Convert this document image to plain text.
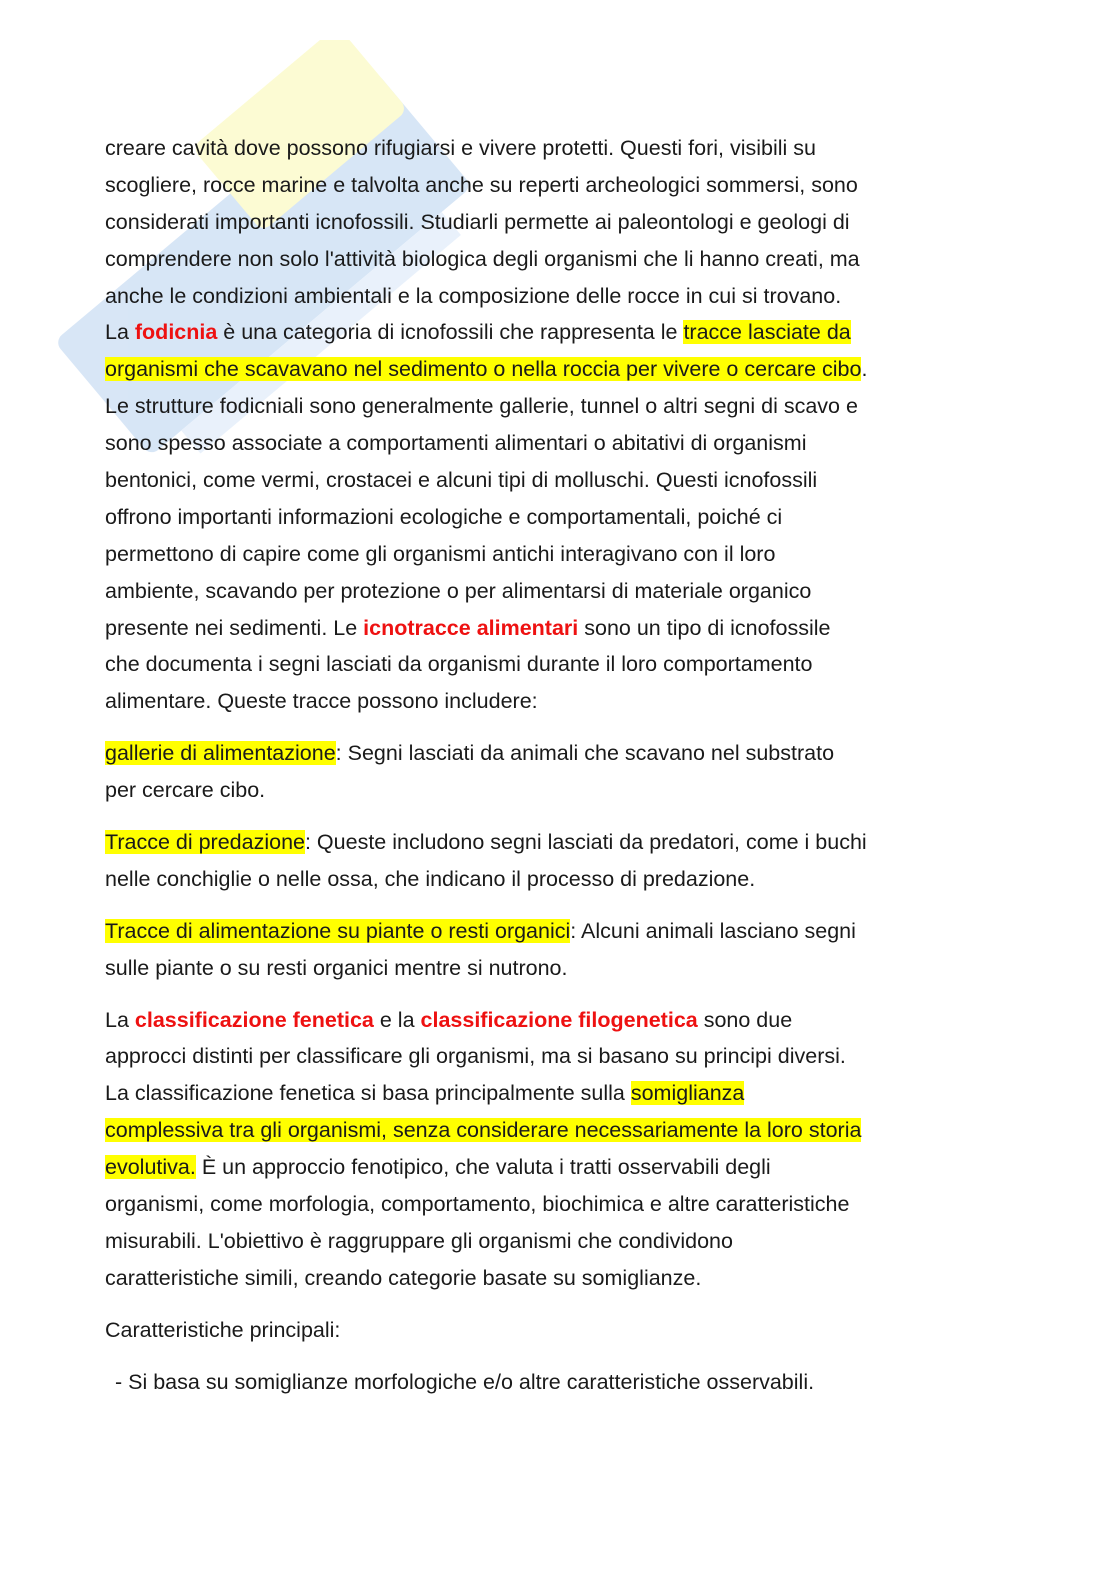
creare cavità dove possono rifugiarsi e vivere protetti. Questi fori, visibili su
scogliere, rocce marine e talvolta anche su reperti archeologici sommersi, sono
considerati importanti icnofossili. Studiarli permette ai paleontologi e geologi di
comprendere non solo l'attività biologica degli organismi che li hanno creati, ma
anche le condizioni ambientali e la composizione delle rocce in cui si trovano.
La fodicnia è una categoria di icnofossili che rappresenta le tracce lasciate da
organismi che scavavano nel sedimento o nella roccia per vivere o cercare cibo.
Le strutture fodicniali sono generalmente gallerie, tunnel o altri segni di scavo e
sono spesso associate a comportamenti alimentari o abitativi di organismi
bentonici, come vermi, crostacei e alcuni tipi di molluschi. Questi icnofossili
offrono importanti informazioni ecologiche e comportamentali, poiché ci
permettono di capire come gli organismi antichi interagivano con il loro
ambiente, scavando per protezione o per alimentarsi di materiale organico
presente nei sedimenti. Le icnotracce alimentari sono un tipo di icnofossile
che documenta i segni lasciati da organismi durante il loro comportamento
alimentare. Queste tracce possono includere:
gallerie di alimentazione: Segni lasciati da animali che scavano nel substrato
per cercare cibo.
Tracce di predazione: Queste includono segni lasciati da predatori, come i buchi
nelle conchiglie o nelle ossa, che indicano il processo di predazione.
Tracce di alimentazione su piante o resti organici: Alcuni animali lasciano segni
sulle piante o su resti organici mentre si nutrono.
La classificazione fenetica e la classificazione filogenetica sono due
approcci distinti per classificare gli organismi, ma si basano su principi diversi.
La classificazione fenetica si basa principalmente sulla somiglianza
complessiva tra gli organismi, senza considerare necessariamente la loro storia
evolutiva. È un approccio fenotipico, che valuta i tratti osservabili degli
organismi, come morfologia, comportamento, biochimica e altre caratteristiche
misurabili. L'obiettivo è raggruppare gli organismi che condividono
caratteristiche simili, creando categorie basate su somiglianze.
Caratteristiche principali:
- Si basa su somiglianze morfologiche e/o altre caratteristiche osservabili.
